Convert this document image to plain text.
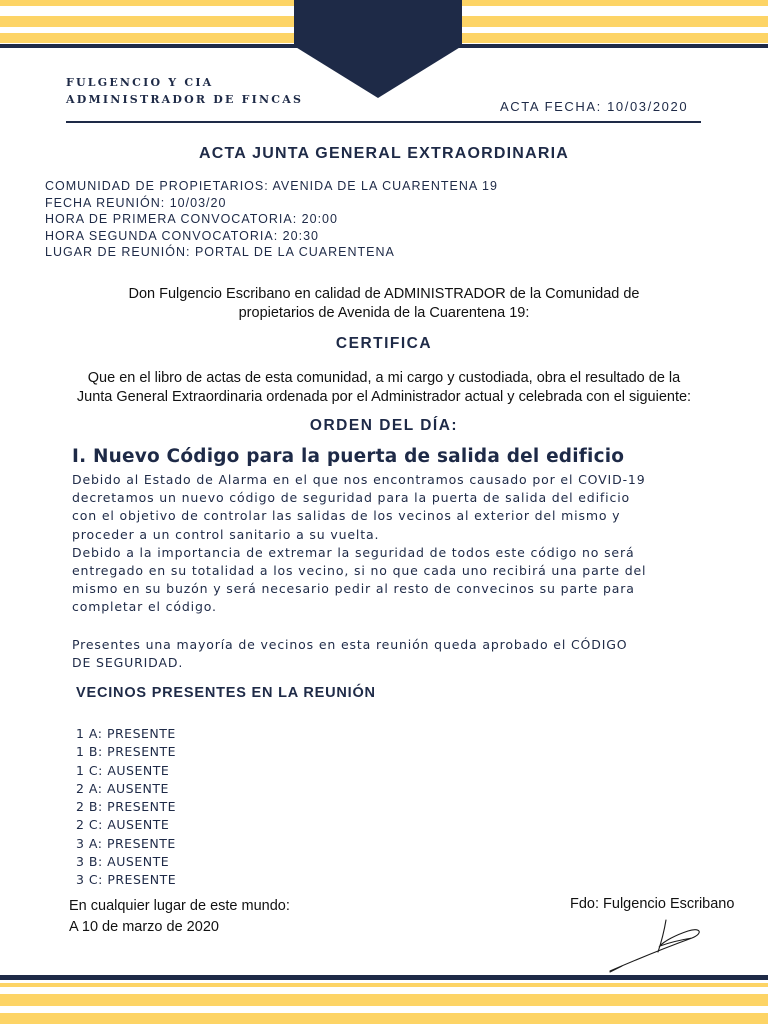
FULGENCIO Y CIA
ADMINISTRADOR DE FINCAS	ACTA FECHA: 10/03/2020
ACTA JUNTA GENERAL EXTRAORDINARIA
COMUNIDAD DE PROPIETARIOS: AVENIDA DE LA CUARENTENA 19
FECHA REUNIÓN: 10/03/20
HORA DE PRIMERA CONVOCATORIA: 20:00
HORA SEGUNDA CONVOCATORIA: 20:30
LUGAR DE REUNIÓN: PORTAL DE LA CUARENTENA
Don Fulgencio Escribano en calidad de ADMINISTRADOR de la Comunidad de
propietarios de Avenida de la Cuarentena 19:
CERTIFICA
Que en el libro de actas de esta comunidad, a mi cargo y custodiada, obra el resultado de la
Junta General Extraordinaria ordenada por el Administrador actual y celebrada con el siguiente:
ORDEN DEL DÍA:
I. Nuevo Código para la puerta de salida del edificio
Debido al Estado de Alarma en el que nos encontramos causado por el COVID-19
decretamos un nuevo código de seguridad para la puerta de salida del edificio
con el objetivo de controlar las salidas de los vecinos al exterior del mismo y
proceder a un control sanitario a su vuelta.
Debido a la importancia de extremar la seguridad de todos este código no será
entregado en su totalidad a los vecino, si no que cada uno recibirá una parte del
mismo en su buzón y será necesario pedir al resto de convecinos su parte para
completar el código.
Presentes una mayoría de vecinos en esta reunión queda aprobado el CÓDIGO
DE SEGURIDAD.
VECINOS PRESENTES EN LA REUNIÓN
1 A: PRESENTE
1 B: PRESENTE
1 C: AUSENTE
2 A: AUSENTE
2 B: PRESENTE
2 C: AUSENTE
3 A: PRESENTE
3 B: AUSENTE
3 C: PRESENTE
En cualquier lugar de este mundo:
A 10 de marzo de 2020
Fdo: Fulgencio Escribano
